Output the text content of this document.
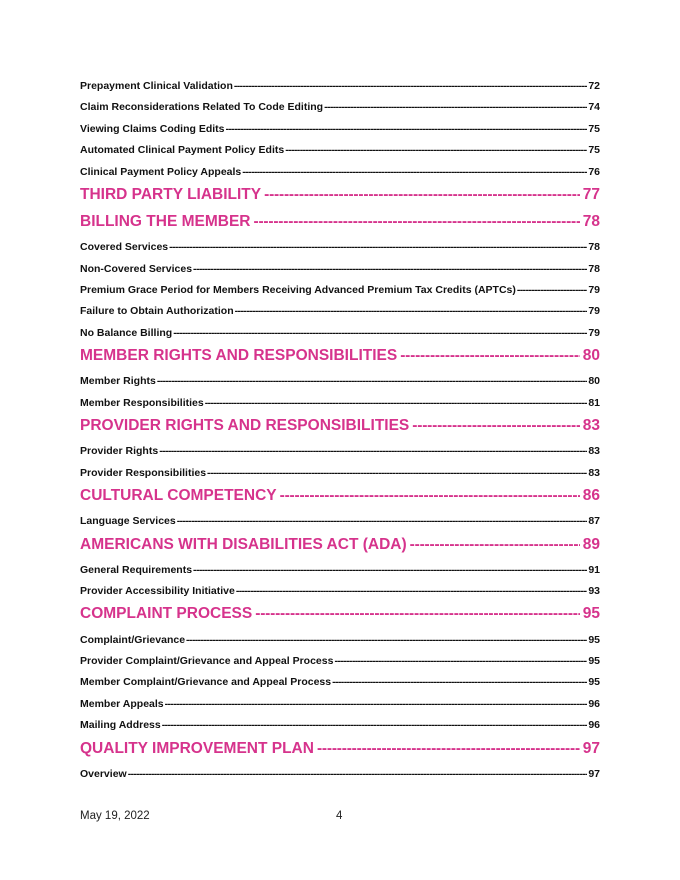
Prepayment Clinical Validation -----	72
Claim Reconsiderations Related To Code Editing -----	74
Viewing Claims Coding Edits -----	75
Automated Clinical Payment Policy Edits -----	75
Clinical Payment Policy Appeals -----	76
THIRD PARTY LIABILITY -----	77
BILLING THE MEMBER -----	78
Covered Services -----	78
Non-Covered Services -----	78
Premium Grace Period for Members Receiving Advanced Premium Tax Credits (APTCs) -----	79
Failure to Obtain Authorization -----	79
No Balance Billing -----	79
MEMBER RIGHTS AND RESPONSIBILITIES -----	80
Member Rights -----	80
Member Responsibilities -----	81
PROVIDER RIGHTS AND RESPONSIBILITIES -----	83
Provider Rights -----	83
Provider Responsibilities -----	83
CULTURAL COMPETENCY -----	86
Language Services -----	87
AMERICANS WITH DISABILITIES ACT (ADA) -----	89
General Requirements -----	91
Provider Accessibility Initiative -----	93
COMPLAINT PROCESS -----	95
Complaint/Grievance -----	95
Provider Complaint/Grievance and Appeal Process -----	95
Member Complaint/Grievance and Appeal Process -----	95
Member Appeals -----	96
Mailing Address -----	96
QUALITY IMPROVEMENT PLAN -----	97
Overview -----	97
May 19, 2022	4
